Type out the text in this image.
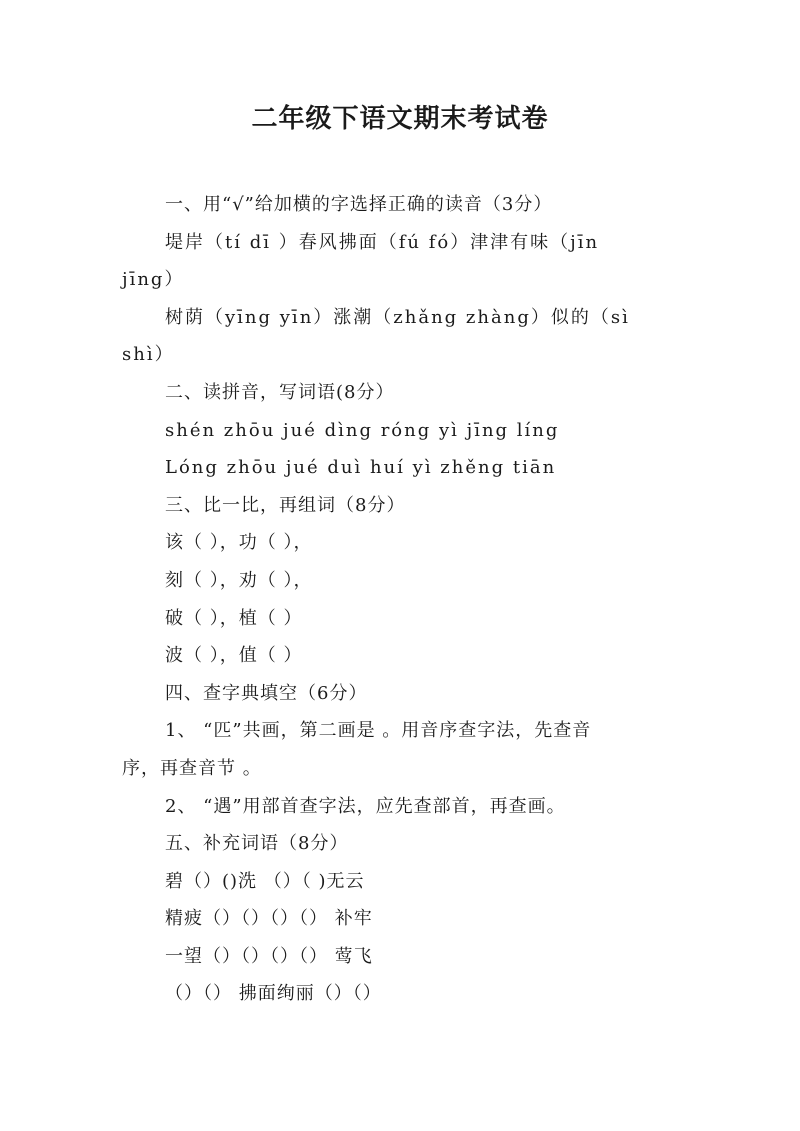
二年级下语文期末考试卷
一、用“√”给加横的字选择正确的读音（3分）
堤岸（tí dī ）春风拂面（fú fó）津津有味（jīn
jīng）
树荫（yīng yīn）涨潮（zhǎng zhàng）似的（sì
shì）
二、读拼音，写词语(8分）
shén zhōu jué dìng róng yì jīng líng
Lóng zhōu jué duì huí yì zhěng tiān
三、比一比，再组词（8分）
该（ ），功（ ），
刻（ ），劝（ ），
破（ ），植（ ）
波（ ），值（ ）
四、查字典填空（6分）
1、 “匹”共画，第二画是 。用音序查字法，先查音
序，再查音节 。
2、 “遇”用部首查字法，应先查部首，再查画。
五、补充词语（8分）
碧（）()洗 （）（ )无云
精疲（）（）（）（） 补牢
一望（）（）（）（） 莺飞
（）（） 拂面绚丽（）（）
